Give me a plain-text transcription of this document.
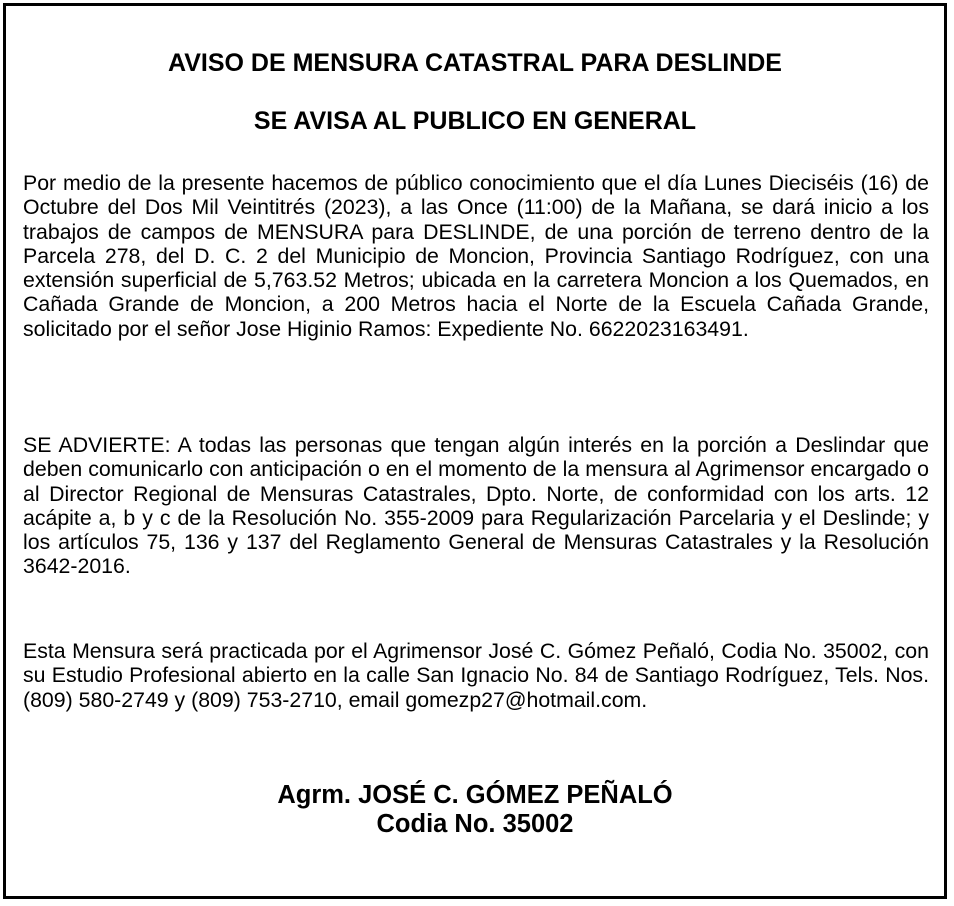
AVISO DE MENSURA CATASTRAL PARA DESLINDE
SE AVISA AL PUBLICO EN GENERAL

Por medio de la presente hacemos de público conocimiento que el día Lunes Dieciséis (16) de Octubre del Dos Mil Veintitrés (2023), a las Once (11:00) de la Mañana, se dará inicio a los trabajos de campos de MENSURA para DESLINDE, de una porción de terreno dentro de la Parcela 278, del D. C. 2 del Municipio de Moncion, Provincia Santiago Rodríguez, con una extensión superficial de 5,763.52 Metros; ubicada en la carretera Moncion a los Quemados, en Cañada Grande de Moncion, a 200 Metros hacia el Norte de la Escuela Cañada Grande, solicitado por el señor Jose Higinio Ramos: Expediente No. 6622023163491.

SE ADVIERTE: A todas las personas que tengan algún interés en la porción a Deslindar que deben comunicarlo con anticipación o en el momento de la mensura al Agrimensor encargado o al Director Regional de Mensuras Catastrales, Dpto. Norte, de conformidad con los arts. 12 acápite a, b y c de la Resolución No. 355-2009 para Regularización Parcelaria y el Deslinde; y los artículos 75, 136 y 137 del Reglamento General de Mensuras Catastrales y la Resolución 3642-2016.

Esta Mensura será practicada por el Agrimensor José C. Gómez Peñaló, Codia No. 35002, con su Estudio Profesional abierto en la calle San Ignacio No. 84 de Santiago Rodríguez, Tels. Nos. (809) 580-2749 y (809) 753-2710, email gomezp27@hotmail.com.

Agrm. JOSÉ C. GÓMEZ PEÑALÓ
Codia No. 35002
